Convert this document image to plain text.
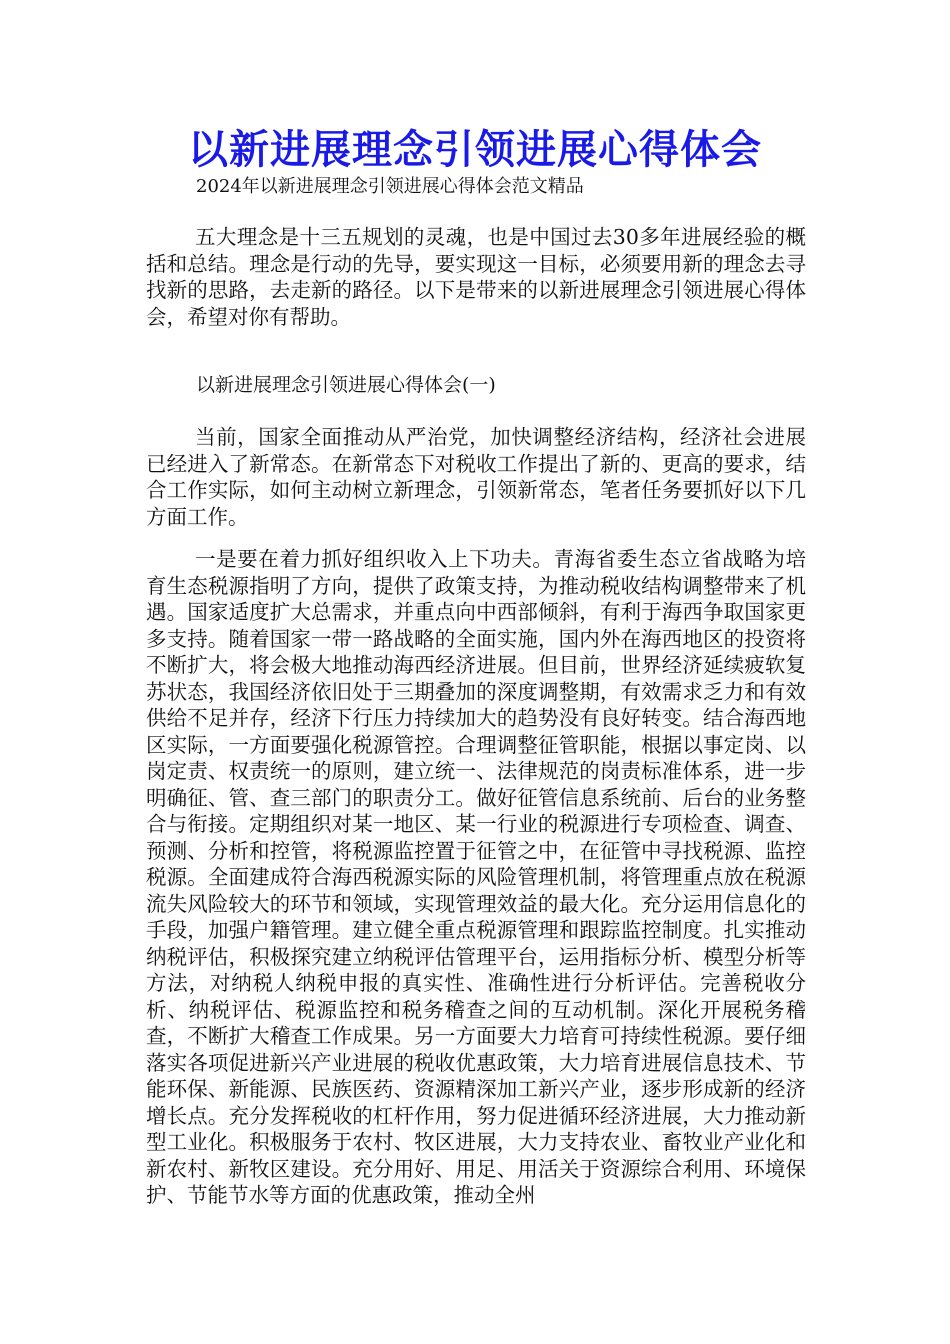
以新进展理念引领进展心得体会

2024年以新进展理念引领进展心得体会范文精品

五大理念是十三五规划的灵魂，也是中国过去30多年进展经验的概括和总结。理念是行动的先导，要实现这一目标，必须要用新的理念去寻找新的思路，去走新的路径。以下是带来的以新进展理念引领进展心得体会，希望对你有帮助。

以新进展理念引领进展心得体会(一)

当前，国家全面推动从严治党，加快调整经济结构，经济社会进展已经进入了新常态。在新常态下对税收工作提出了新的、更高的要求，结合工作实际，如何主动树立新理念，引领新常态，笔者任务要抓好以下几方面工作。

一是要在着力抓好组织收入上下功夫。青海省委生态立省战略为培育生态税源指明了方向，提供了政策支持，为推动税收结构调整带来了机遇。国家适度扩大总需求，并重点向中西部倾斜，有利于海西争取国家更多支持。随着国家一带一路战略的全面实施，国内外在海西地区的投资将不断扩大，将会极大地推动海西经济进展。但目前，世界经济延续疲软复苏状态，我国经济依旧处于三期叠加的深度调整期，有效需求乏力和有效供给不足并存，经济下行压力持续加大的趋势没有良好转变。结合海西地区实际，一方面要强化税源管控。合理调整征管职能，根据以事定岗、以岗定责、权责统一的原则，建立统一、法律规范的岗责标准体系，进一步明确征、管、查三部门的职责分工。做好征管信息系统前、后台的业务整合与衔接。定期组织对某一地区、某一行业的税源进行专项检查、调查、预测、分析和控管，将税源监控置于征管之中，在征管中寻找税源、监控税源。全面建成符合海西税源实际的风险管理机制，将管理重点放在税源流失风险较大的环节和领域，实现管理效益的最大化。充分运用信息化的手段，加强户籍管理。建立健全重点税源管理和跟踪监控制度。扎实推动纳税评估，积极探究建立纳税评估管理平台，运用指标分析、模型分析等方法，对纳税人纳税申报的真实性、准确性进行分析评估。完善税收分析、纳税评估、税源监控和税务稽查之间的互动机制。深化开展税务稽查，不断扩大稽查工作成果。另一方面要大力培育可持续性税源。要仔细落实各项促进新兴产业进展的税收优惠政策，大力培育进展信息技术、节能环保、新能源、民族医药、资源精深加工新兴产业，逐步形成新的经济增长点。充分发挥税收的杠杆作用，努力促进循环经济进展，大力推动新型工业化。积极服务于农村、牧区进展，大力支持农业、畜牧业产业化和新农村、新牧区建设。充分用好、用足、用活关于资源综合利用、环境保护、节能节水等方面的优惠政策，推动全州
